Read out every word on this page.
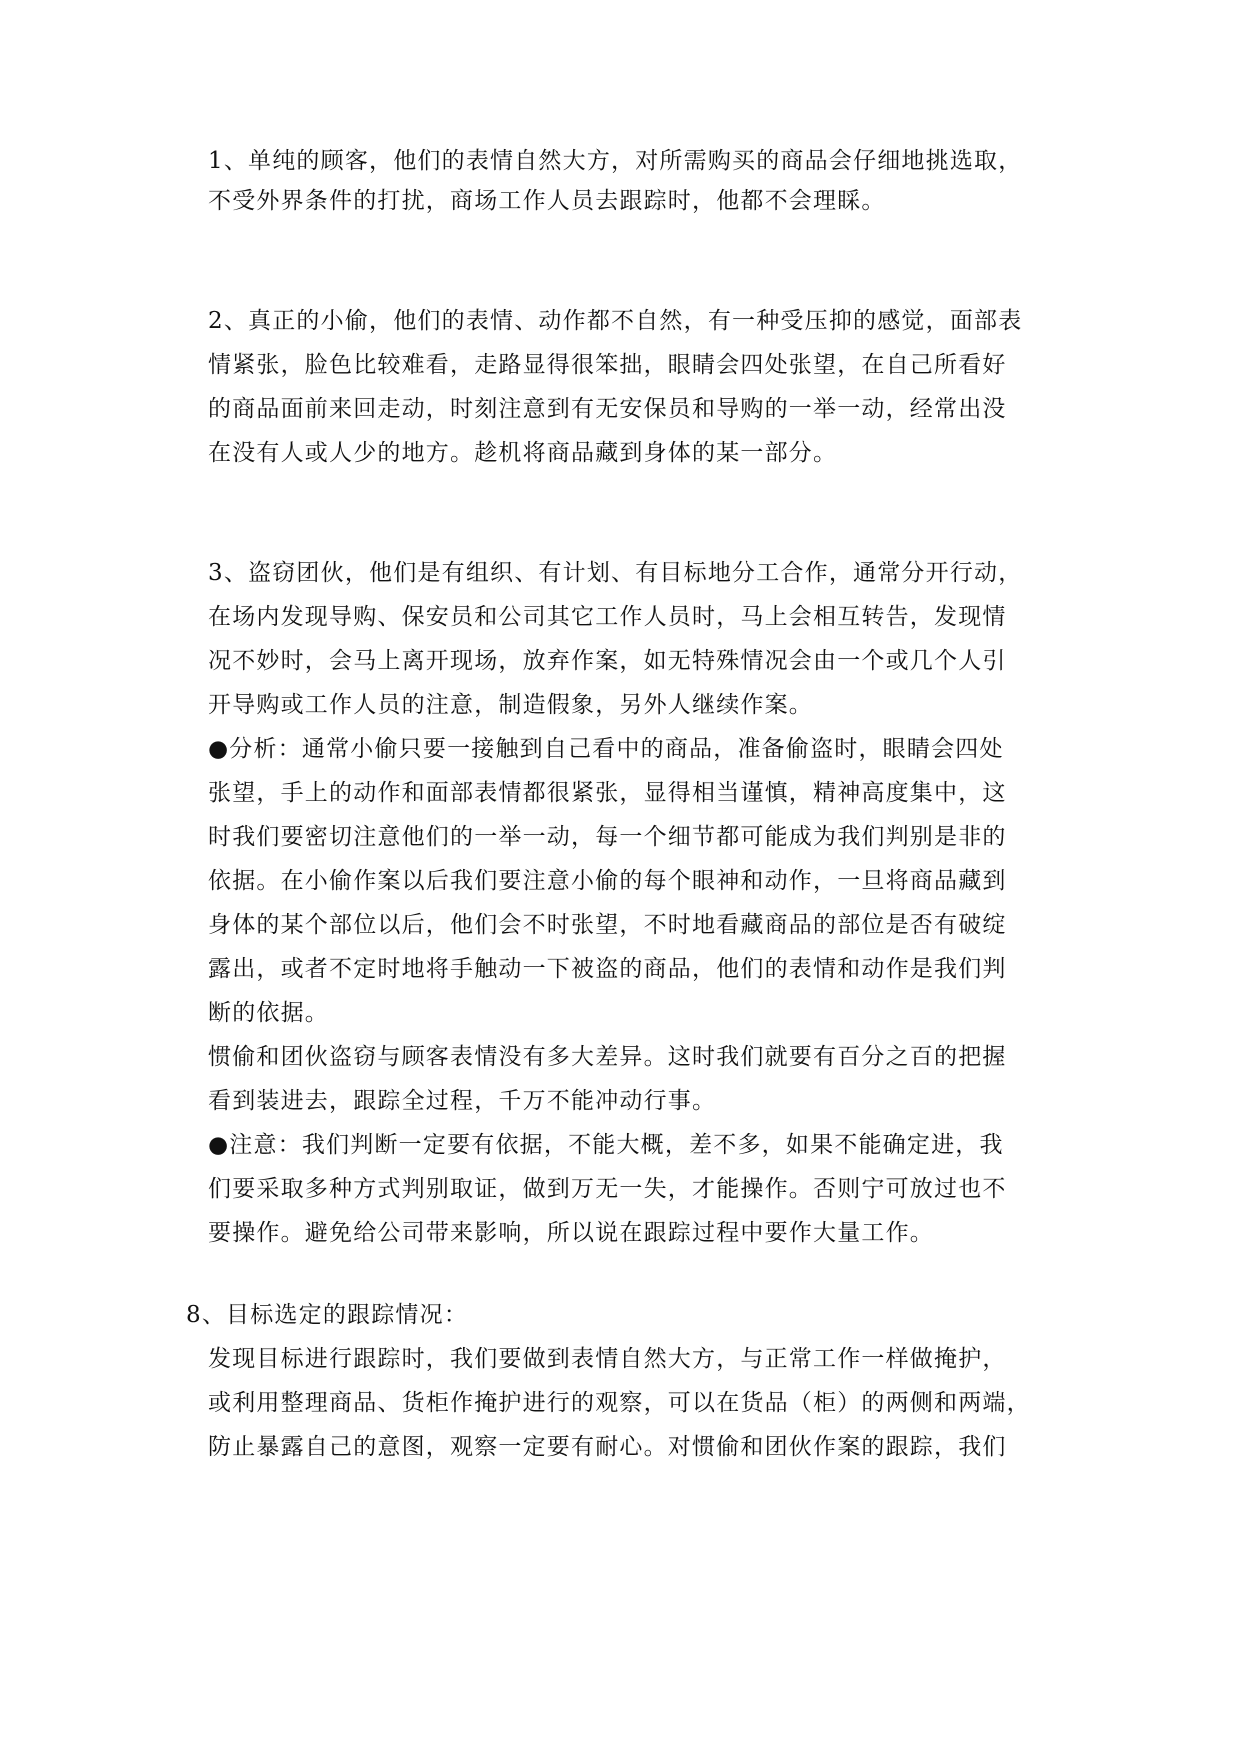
1、单纯的顾客，他们的表情自然大方，对所需购买的商品会仔细地挑选取，
不受外界条件的打扰，商场工作人员去跟踪时，他都不会理睬。
2、真正的小偷，他们的表情、动作都不自然，有一种受压抑的感觉，面部表
情紧张，脸色比较难看，走路显得很笨拙，眼睛会四处张望，在自己所看好
的商品面前来回走动，时刻注意到有无安保员和导购的一举一动，经常出没
在没有人或人少的地方。趁机将商品藏到身体的某一部分。
3、盗窃团伙，他们是有组织、有计划、有目标地分工合作，通常分开行动，
在场内发现导购、保安员和公司其它工作人员时，马上会相互转告，发现情
况不妙时，会马上离开现场，放弃作案，如无特殊情况会由一个或几个人引
开导购或工作人员的注意，制造假象，另外人继续作案。
●分析：通常小偷只要一接触到自己看中的商品，准备偷盗时，眼睛会四处
张望，手上的动作和面部表情都很紧张，显得相当谨慎，精神高度集中，这
时我们要密切注意他们的一举一动，每一个细节都可能成为我们判别是非的
依据。在小偷作案以后我们要注意小偷的每个眼神和动作，一旦将商品藏到
身体的某个部位以后，他们会不时张望，不时地看藏商品的部位是否有破绽
露出，或者不定时地将手触动一下被盗的商品，他们的表情和动作是我们判
断的依据。
惯偷和团伙盗窃与顾客表情没有多大差异。这时我们就要有百分之百的把握
看到装进去，跟踪全过程，千万不能冲动行事。
●注意：我们判断一定要有依据，不能大概，差不多，如果不能确定进，我
们要采取多种方式判别取证，做到万无一失，才能操作。否则宁可放过也不
要操作。避免给公司带来影响，所以说在跟踪过程中要作大量工作。
8、目标选定的跟踪情况：
发现目标进行跟踪时，我们要做到表情自然大方，与正常工作一样做掩护，
或利用整理商品、货柜作掩护进行的观察，可以在货品（柜）的两侧和两端，
防止暴露自己的意图，观察一定要有耐心。对惯偷和团伙作案的跟踪，我们
